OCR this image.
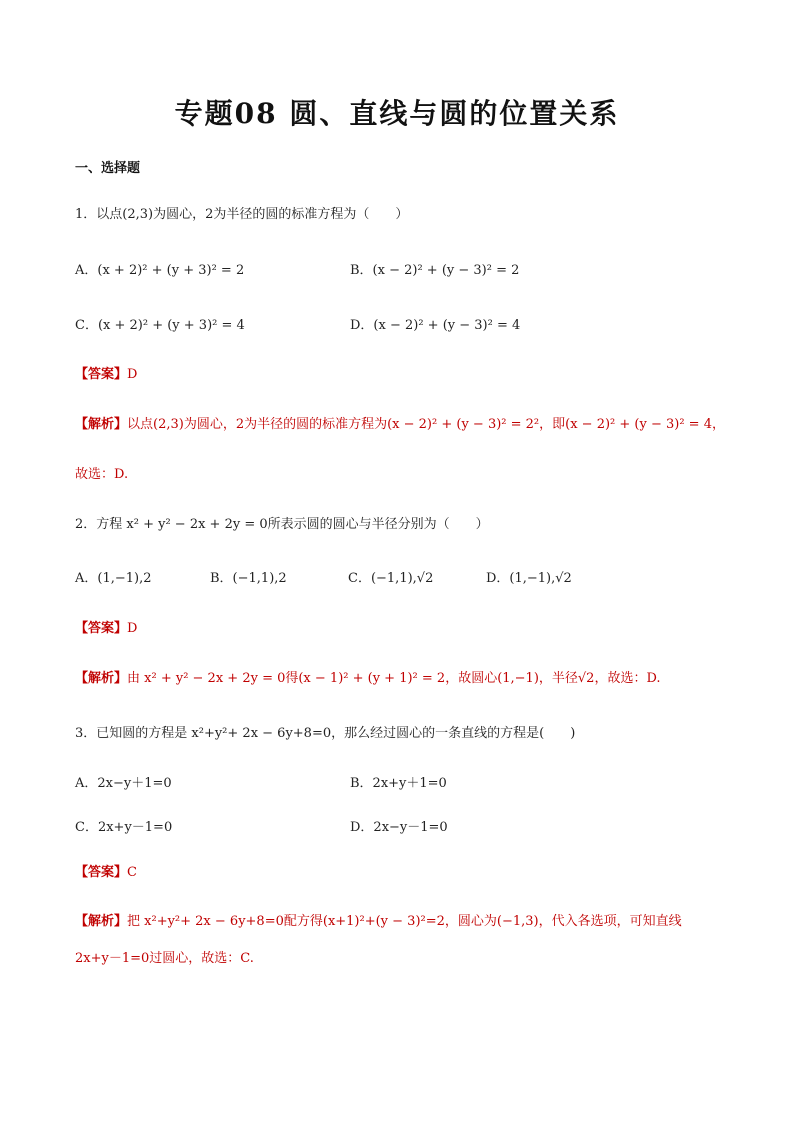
专题08 圆、直线与圆的位置关系
一、选择题
1．以点(2,3)为圆心，2为半径的圆的标准方程为（　　）
A．(x + 2)² + (y + 3)² = 2	B．(x − 2)² + (y − 3)² = 2
C．(x + 2)² + (y + 3)² = 4	D．(x − 2)² + (y − 3)² = 4
【答案】D
【解析】以点(2,3)为圆心，2为半径的圆的标准方程为(x − 2)² + (y − 3)² = 2²，即(x − 2)² + (y − 3)² = 4，
故选：D.
2．方程 x² + y² − 2x + 2y = 0所表示圆的圆心与半径分别为（　　）
A．(1,−1),2	B．(−1,1),2	C．(−1,1),√2	D．(1,−1),√2
【答案】D
【解析】由 x² + y² − 2x + 2y = 0得(x − 1)² + (y + 1)² = 2，故圆心(1,−1)，半径√2，故选：D.
3．已知圆的方程是 x²+y²+ 2x − 6y+8=0，那么经过圆心的一条直线的方程是(　　)
A．2x−y＋1=0	B．2x+y＋1=0
C．2x+y－1=0	D．2x−y－1=0
【答案】C
【解析】把 x²+y²+ 2x − 6y+8=0配方得(x+1)²+(y − 3)²=2，圆心为(−1,3)，代入各选项，可知直线
2x+y－1=0过圆心，故选：C.
